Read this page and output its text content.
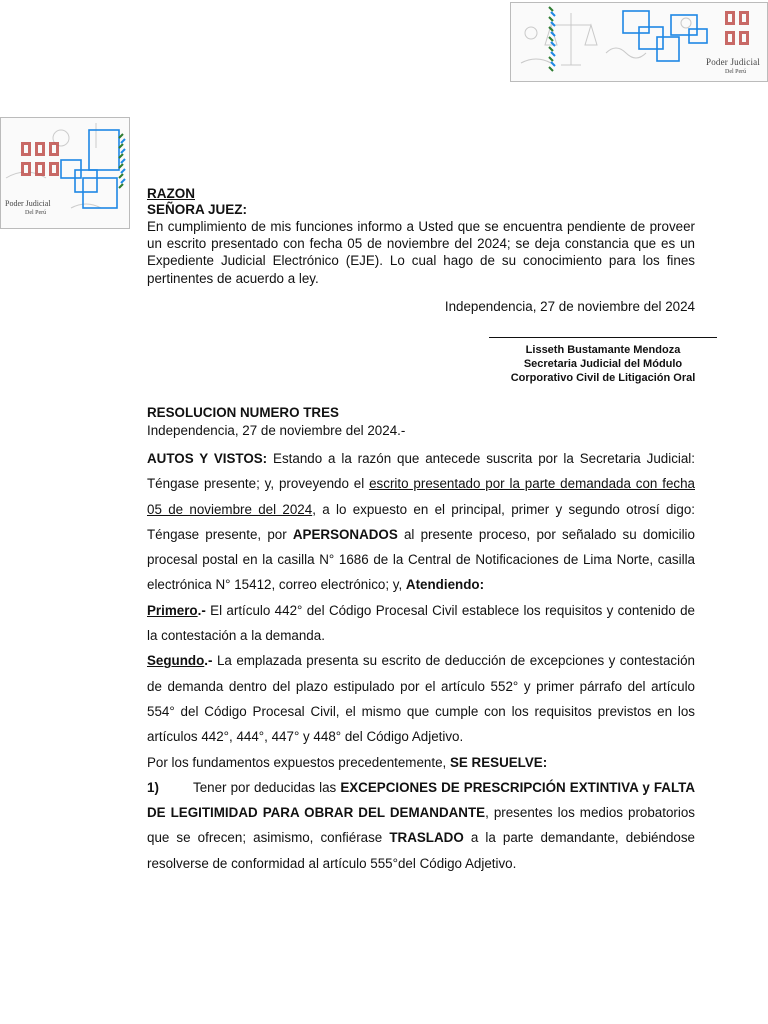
Poder Judicial
Del Perú
Poder Judicial
Del Perú
RAZON
SEÑORA JUEZ:
En cumplimiento de mis funciones informo a Usted que se encuentra pendiente de proveer un escrito presentado con fecha 05 de noviembre del 2024; se deja constancia que es un Expediente Judicial Electrónico (EJE). Lo cual hago de su conocimiento para los fines pertinentes de acuerdo a ley.
Independencia, 27 de noviembre del 2024
Lisseth Bustamante Mendoza
Secretaria Judicial del Módulo
Corporativo Civil de Litigación Oral
RESOLUCION NUMERO TRES
Independencia, 27 de noviembre del 2024.-

AUTOS Y VISTOS: Estando a la razón que antecede suscrita por la Secretaria Judicial: Téngase presente; y, proveyendo el escrito presentado por la parte demandada con fecha 05 de noviembre del 2024, a lo expuesto en el principal, primer y segundo otrosí digo: Téngase presente, por APERSONADOS al presente proceso, por señalado su domicilio procesal postal en la casilla N° 1686 de la Central de Notificaciones de Lima Norte, casilla electrónica N° 15412, correo electrónico; y, Atendiendo:

Primero.- El artículo 442° del Código Procesal Civil establece los requisitos y contenido de la contestación a la demanda.

Segundo.- La emplazada presenta su escrito de deducción de excepciones y contestación de demanda dentro del plazo estipulado por el artículo 552° y primer párrafo del artículo 554° del Código Procesal Civil, el mismo que cumple con los requisitos previstos en los artículos 442°, 444°, 447° y 448° del Código Adjetivo.

Por los fundamentos expuestos precedentemente, SE RESUELVE:

1)	Tener por deducidas las EXCEPCIONES DE PRESCRIPCIÓN EXTINTIVA y FALTA DE LEGITIMIDAD PARA OBRAR DEL DEMANDANTE, presentes los medios probatorios que se ofrecen; asimismo, confiérase TRASLADO a la parte demandante, debiéndose resolverse de conformidad al artículo 555°del Código Adjetivo.
